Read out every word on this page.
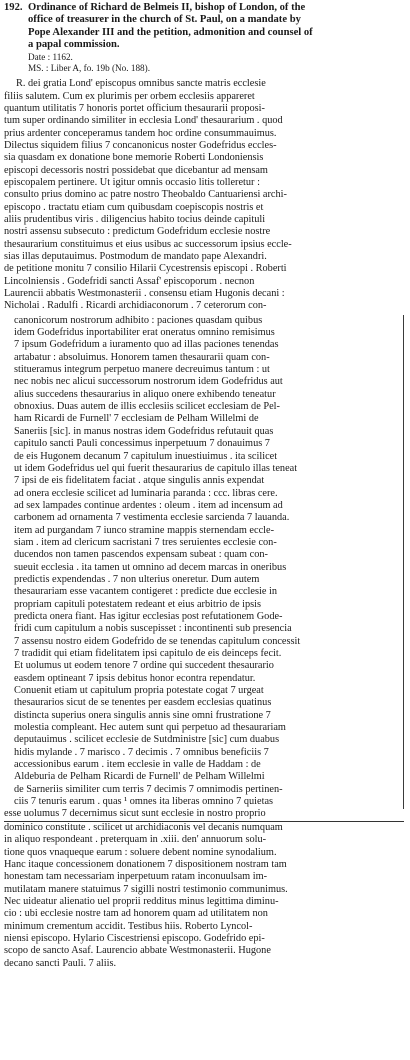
192. Ordinance of Richard de Belmeis II, bishop of London, of the
office of treasurer in the church of St. Paul, on a mandate by
Pope Alexander III and the petition, admonition and counsel of
a papal commission.
Date : 1162.
MS. : Liber A, fo. 19b (No. 188).
R. dei gratia Lond' episcopus omnibus sancte matris ecclesie
filiis salutem. Cum ex plurimis per orbem ecclesiis appareret
quantum utilitatis 7 honoris portet officium thesaurarii proposi-
tum super ordinando similiter in ecclesia Lond' thesaurarium . quod
prius ardenter conceperamus tandem hoc ordine consummauimus.
Dilectus siquidem filius 7 concanonicus noster Godefridus eccles-
sia quasdam ex donatione bone memorie Roberti Londoniensis
episcopi decessoris nostri possidebat que dicebantur ad mensam
episcopalem pertinere. Ut igitur omnis occasio litis tolleretur :
consulto prius domino ac patre nostro Theobaldo Cantuariensi archi-
episcopo . tractatu etiam cum quibusdam coepiscopis nostris et
aliis prudentibus viris . diligencius habito tocius deinde capituli
nostri assensu subsecuto : predictum Godefridum ecclesie nostre
thesaurarium constituimus et eius usibus ac successorum ipsius eccle-
sias illas deputauimus. Postmodum de mandato pape Alexandri.
de petitione monitu 7 consilio Hilarii Cycestrensis episcopi . Roberti
Lincolniensis . Godefridi sancti Assaf' episcoporum . necnon
Laurencii abbatis Westmonasterii . consensu etiam Hugonis decani :
Nicholai . Radulfi . Ricardi archidiaconorum . 7 ceterorum con-
canonicorum nostrorum adhibito : paciones quasdam quibus
idem Godefridus inportabiliter erat oneratus omnino remisimus
7 ipsum Godefridum a iuramento quo ad illas paciones tenendas
artabatur : absoluimus. Honorem tamen thesaurarii quam con-
stitueramus integrum perpetuo manere decreuimus tantum : ut
nec nobis nec alicui successorum nostrorum idem Godefridus aut
alius succedens thesaurarius in aliquo onere exhibendo teneatur
obnoxius. Duas autem de illis ecclesiis scilicet ecclesiam de Pel-
ham Ricardi de Furnell' 7 ecclesiam de Pelham Willelmi de
Saneriis [sic]. in manus nostras idem Godefridus refutauit quas
capitulo sancti Pauli concessimus inperpetuum 7 donauimus 7
de eis Hugonem decanum 7 capitulum inuestiuimus . ita scilicet
ut idem Godefridus uel qui fuerit thesaurarius de capitulo illas teneat
7 ipsi de eis fidelitatem faciat . atque singulis annis expendat
ad onera ecclesie scilicet ad luminaria paranda : ccc. libras cere.
ad sex lampades continue ardentes : oleum . item ad incensum ad
carbonem ad ornamenta 7 vestimenta ecclesie sarcienda 7 lauanda.
item ad purgandam 7 iunco stramine mappis sternendam eccle-
siam . item ad clericum sacristani 7 tres seruientes ecclesie con-
ducendos non tamen pascendos expensam subeat : quam con-
sueuit ecclesia . ita tamen ut omnino ad decem marcas in oneribus
predictis expendendas . 7 non ulterius oneretur. Dum autem
thesaurariam esse vacantem contigeret : predicte due ecclesie in
propriam capituli potestatem redeant et eius arbitrio de ipsis
predicta onera fiant. Has igitur ecclesias post refutationem Gode-
fridi cum capitulum a nobis suscepisset : incontinenti sub presencia
7 assensu nostro eidem Godefrido de se tenendas capitulum concessit
7 tradidit qui etiam fidelitatem ipsi capitulo de eis deinceps fecit.
Et uolumus ut eodem tenore 7 ordine qui succedent thesaurario
easdem optineant 7 ipsis debitus honor econtra rependatur.
Conuenit etiam ut capitulum propria potestate cogat 7 urgeat
thesaurarios sicut de se tenentes per easdem ecclesias quatinus
distincta superius onera singulis annis sine omni frustratione 7
molestia compleant. Hec autem sunt qui perpetuo ad thesaurariam
deputauimus . scilicet ecclesie de Sutdministre [sic] cum duabus
hidis mylande . 7 marisco . 7 decimis . 7 omnibus beneficiis 7
accessionibus earum . item ecclesie in valle de Haddam : de
Aldeburia de Pelham Ricardi de Furnell' de Pelham Willelmi
de Sarneriis similiter cum terris 7 decimis 7 omnimodis pertinen-
ciis 7 tenuris earum . quas ¹ omnes ita liberas omnino 7 quietas
esse uolumus 7 decernimus sicut sunt ecclesie in nostro proprio
dominico constitute . scilicet ut archidiaconis vel decanis numquam
in aliquo respondeant . preterquam in .xiii. den' annuorum solu-
tione quos vnaqueque earum : soluere debent nomine synodalium.
Hanc itaque concessionem donationem 7 dispositionem nostram tam
honestam tam necessariam inperpetuum ratam inconuulsam im-
mutilatam manere statuimus 7 sigilli nostri testimonio communimus.
Nec uideatur alienatio uel proprii redditus minus legittima diminu-
cio : ubi ecclesie nostre tam ad honorem quam ad utilitatem non
minimum crementum accidit. Testibus hiis. Roberto Lyncol-
niensi episcopo. Hylario Ciscestriensi episcopo. Godefrido epi-
scopo de sancto Asaf. Laurencio abbate Westmonasterii. Hugone
decano sancti Pauli. 7 aliis.
